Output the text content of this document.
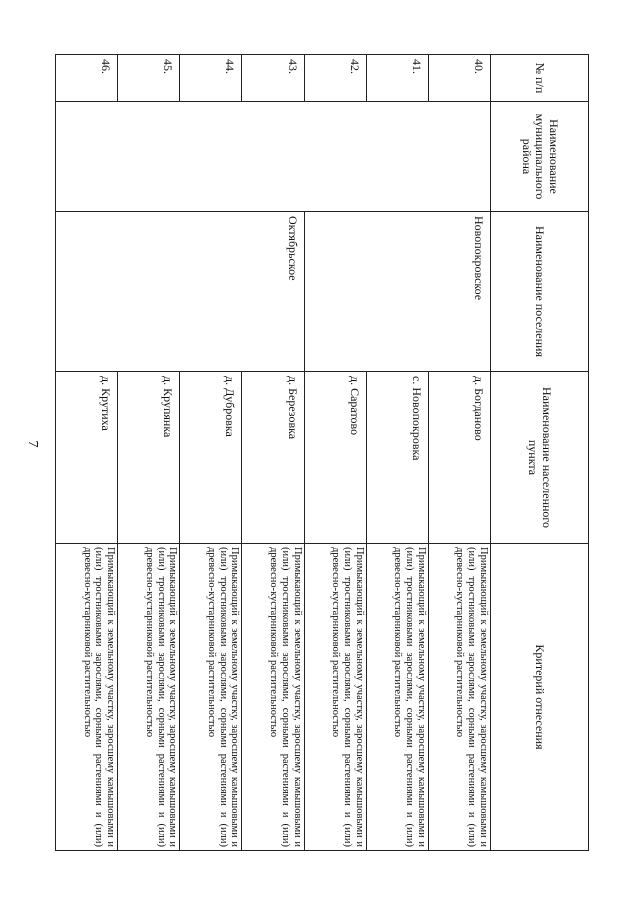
7
№ п/п	Наименование муниципального района	Наименование поселения	Наименование населенного пункта	Критерий отнесения
40.		Новопокровское	д. Богданово	Примыкающий к земельному участку, заросшему камышовыми и (или) тростниковыми зарослями, сорными растениями и (или) древесно-кустарниковой растительностью
41.			с. Новопокровка	Примыкающий к земельному участку, заросшему камышовыми и (или) тростниковыми зарослями, сорными растениями и (или) древесно-кустарниковой растительностью
42.			д. Саратово	Примыкающий к земельному участку, заросшему камышовыми и (или) тростниковыми зарослями, сорными растениями и (или) древесно-кустарниковой растительностью
43.		Октябрьское	д. Березовка	Примыкающий к земельному участку, заросшему камышовыми и (или) тростниковыми зарослями, сорными растениями и (или) древесно-кустарниковой растительностью
44.			д. Дубровка	Примыкающий к земельному участку, заросшему камышовыми и (или) тростниковыми зарослями, сорными растениями и (или) древесно-кустарниковой растительностью
45.			д. Крупянка	Примыкающий к земельному участку, заросшему камышовыми и (или) тростниковыми зарослями, сорными растениями и (или) древесно-кустарниковой растительностью
46.			д. Крутиха	Примыкающий к земельному участку, заросшему камышовыми и (или) тростниковыми зарослями, сорными растениями и (или) древесно-кустарниковой растительностью
